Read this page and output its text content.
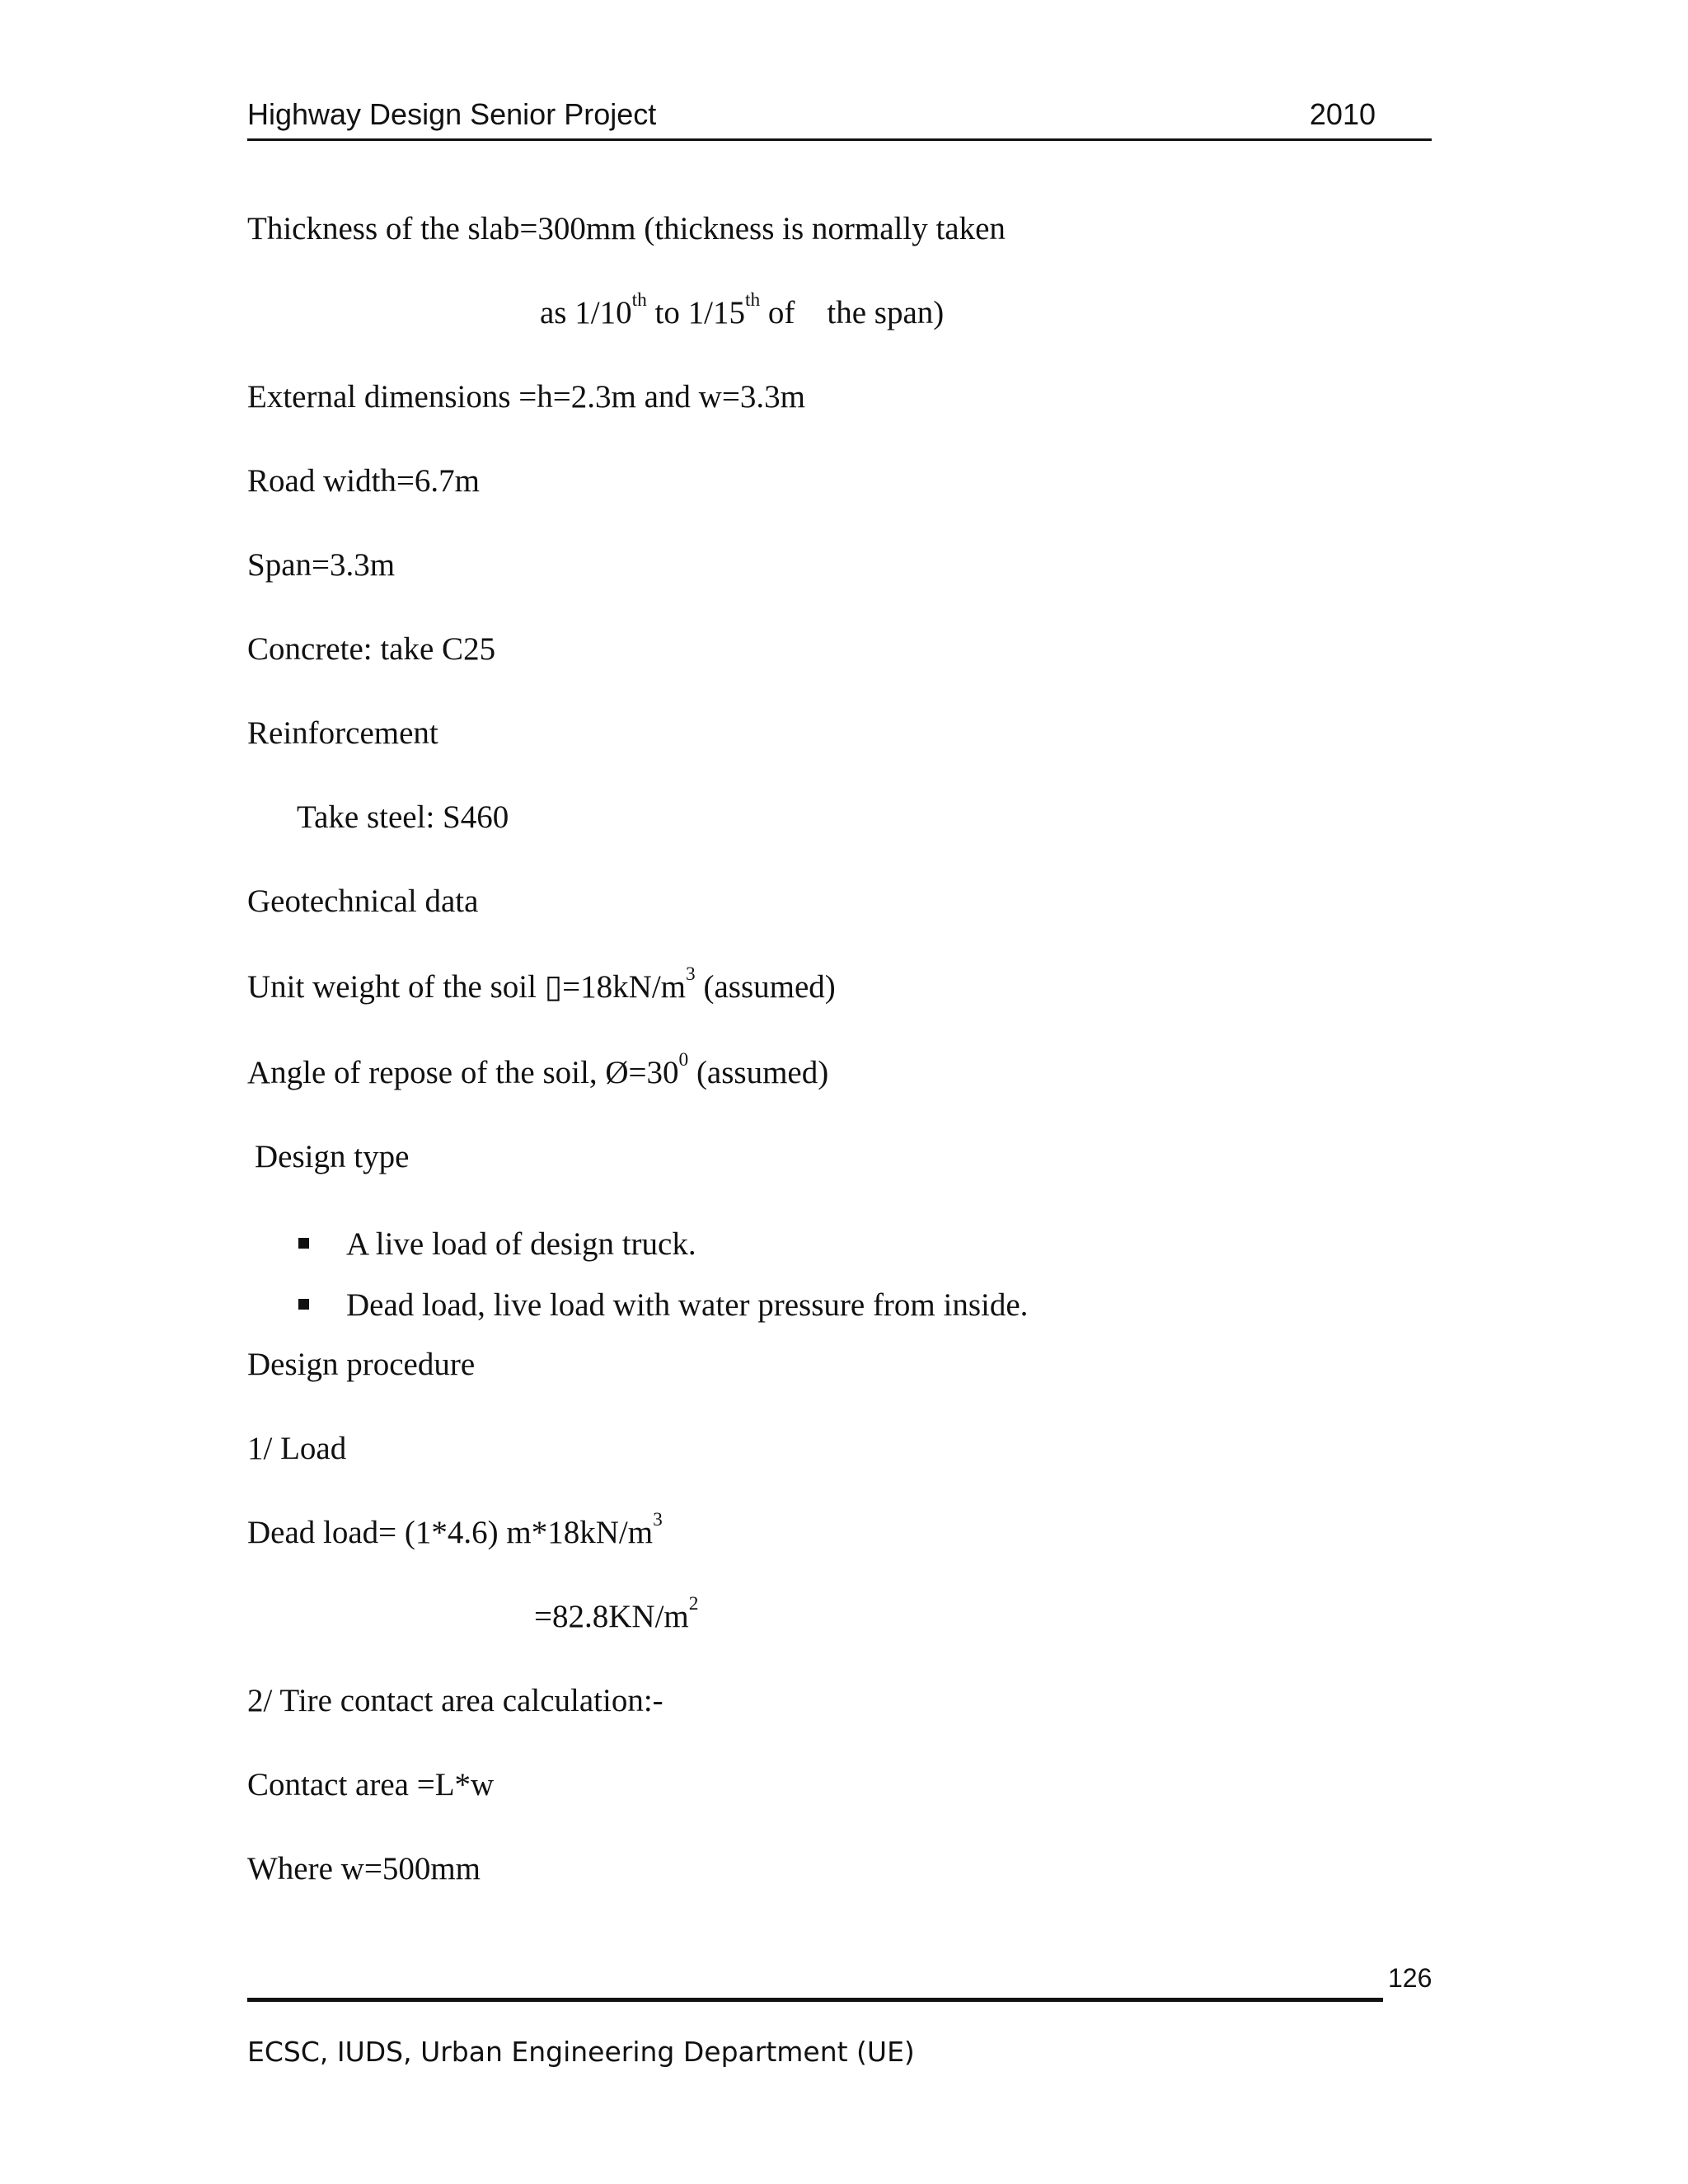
Highway Design Senior Project	2010
Thickness of the slab=300mm (thickness is normally taken
as 1/10th to 1/15th of    the span)
External dimensions =h=2.3m and w=3.3m
Road width=6.7m
Span=3.3m
Concrete: take C25
Reinforcement
Take steel: S460
Geotechnical data
Unit weight of the soil $▯=18kN/m^3$ (assumed)
Angle of repose of the soil, $Ø=30^0$ (assumed)
Design type
A live load of design truck.
Dead load, live load with water pressure from inside.
Design procedure
1/ Load
Dead load= (1*4.6) $m*18kN/m^3$
$=82.8KN/m^2$
2/ Tire contact area calculation:-
Contact area =L*w
Where w=500mm
126
ECSC, IUDS, Urban Engineering Department (UE)
